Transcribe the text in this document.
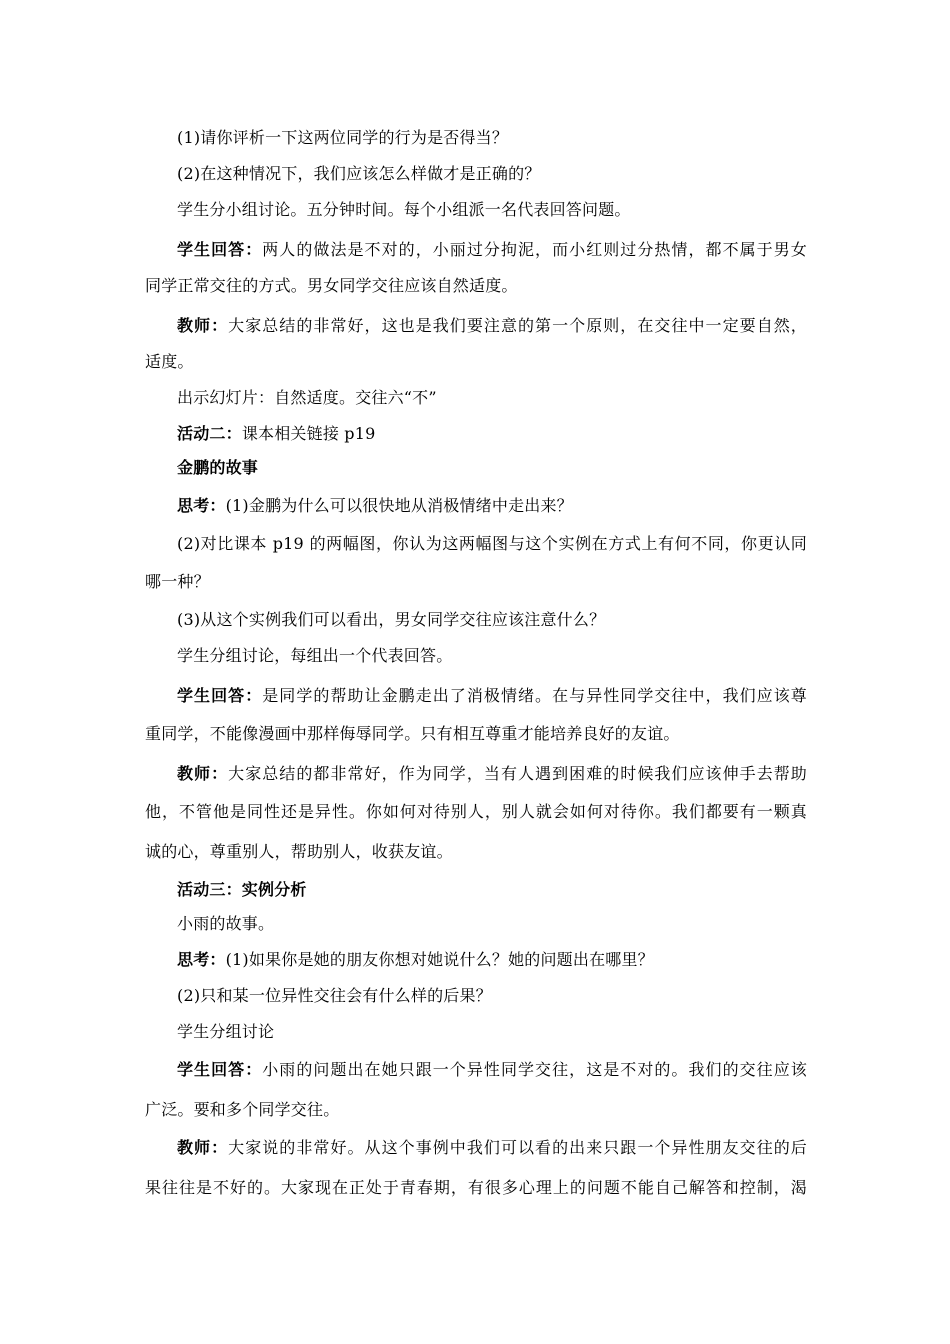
(1)请你评析一下这两位同学的行为是否得当？
(2)在这种情况下，我们应该怎么样做才是正确的？
学生分小组讨论。五分钟时间。每个小组派一名代表回答问题。
学生回答：两人的做法是不对的，小丽过分拘泥，而小红则过分热情，都不属于男女
同学正常交往的方式。男女同学交往应该自然适度。
教师：大家总结的非常好，这也是我们要注意的第一个原则，在交往中一定要自然，
适度。
出示幻灯片：自然适度。交往六“不”
活动二：课本相关链接 p19
金鹏的故事
思考：(1)金鹏为什么可以很快地从消极情绪中走出来？
(2)对比课本 p19 的两幅图，你认为这两幅图与这个实例在方式上有何不同，你更认同
哪一种？
(3)从这个实例我们可以看出，男女同学交往应该注意什么？
学生分组讨论，每组出一个代表回答。
学生回答：是同学的帮助让金鹏走出了消极情绪。在与异性同学交往中，我们应该尊
重同学，不能像漫画中那样侮辱同学。只有相互尊重才能培养良好的友谊。
教师：大家总结的都非常好，作为同学，当有人遇到困难的时候我们应该伸手去帮助
他，不管他是同性还是异性。你如何对待别人，别人就会如何对待你。我们都要有一颗真
诚的心，尊重别人，帮助别人，收获友谊。
活动三：实例分析
小雨的故事。
思考：(1)如果你是她的朋友你想对她说什么？她的问题出在哪里？
(2)只和某一位异性交往会有什么样的后果？
学生分组讨论
学生回答：小雨的问题出在她只跟一个异性同学交往，这是不对的。我们的交往应该
广泛。要和多个同学交往。
教师：大家说的非常好。从这个事例中我们可以看的出来只跟一个异性朋友交往的后
果往往是不好的。大家现在正处于青春期，有很多心理上的问题不能自己解答和控制，渴
